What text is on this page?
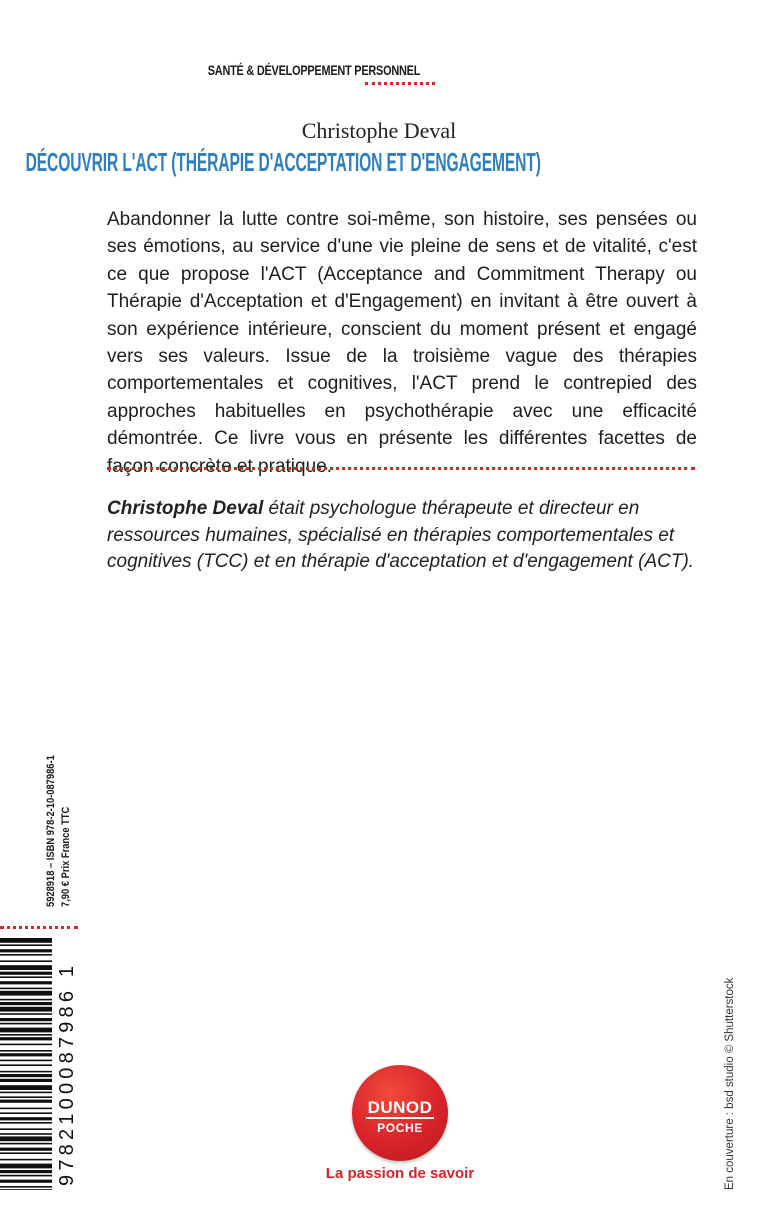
SANTÉ & DÉVELOPPEMENT PERSONNEL
Christophe Deval
DÉCOUVRIR L'ACT (THÉRAPIE D'ACCEPTATION ET D'ENGAGEMENT)

Abandonner la lutte contre soi-même, son histoire, ses pensées ou ses émotions, au service d'une vie pleine de sens et de vitalité, c'est ce que propose l'ACT (Acceptance and Commitment Therapy ou Thérapie d'Acceptation et d'Engagement) en invitant à être ouvert à son expérience intérieure, conscient du moment présent et engagé vers ses valeurs. Issue de la troisième vague des thérapies comportementales et cognitives, l'ACT prend le contrepied des approches habituelles en psychothérapie avec une efficacité démontrée. Ce livre vous en présente les différentes facettes de façon concrète et pratique.

Christophe Deval était psychologue thérapeute et directeur en ressources humaines, spécialisé en thérapies comportementales et cognitives (TCC) et en thérapie d'acceptation et d'engagement (ACT).

5928918 – ISBN 978-2-10-087986-1 7,90 € Prix France TTC
9782100087986 1	DUNOD
POCHE
La passion de savoir	En couverture : bsd studio © Shutterstock
